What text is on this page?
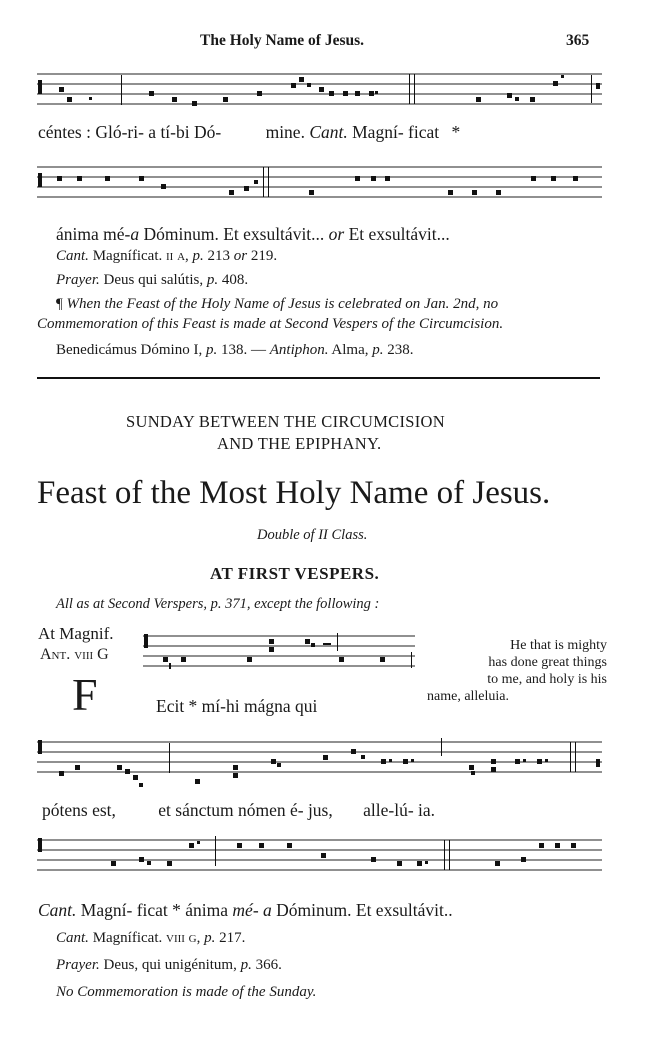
The Holy Name of Jesus.	365
céntes : Gló-ri- a tí-bi Dó-	mine. Cant. Magní- ficat *
ánima mé-a Dóminum. Et exsultávit... or Et exsultávit...
Cant. Magníficat. ii a, p. 213 or 219.
Prayer. Deus qui salútis, p. 408.
¶ When the Feast of the Holy Name of Jesus is celebrated on Jan. 2nd, no
Commemoration of this Feast is made at Second Vespers of the Circumcision.
Benedicámus Dómino I, p. 138. — Antiphon. Alma, p. 238.
SUNDAY BETWEEN THE CIRCUMCISION
AND THE EPIPHANY.
Feast of the Most Holy Name of Jesus.
Double of II Class.
AT FIRST VESPERS.
All as at Second Verspers, p. 371, except the following :
At Magnif.
Ant. viii G
F	Ecit * mí-hi mágna qui
He that is mighty
has done great things
to me, and holy is his
name, alleluia.
pótens est, et sánctum nómen é- jus, alle-lú- ia.
Cant. Magní- ficat * ánima mé- a Dóminum. Et exsultávit..
Cant. Magníficat. viii g, p. 217.
Prayer. Deus, qui unigénitum, p. 366.
No Commemoration is made of the Sunday.
